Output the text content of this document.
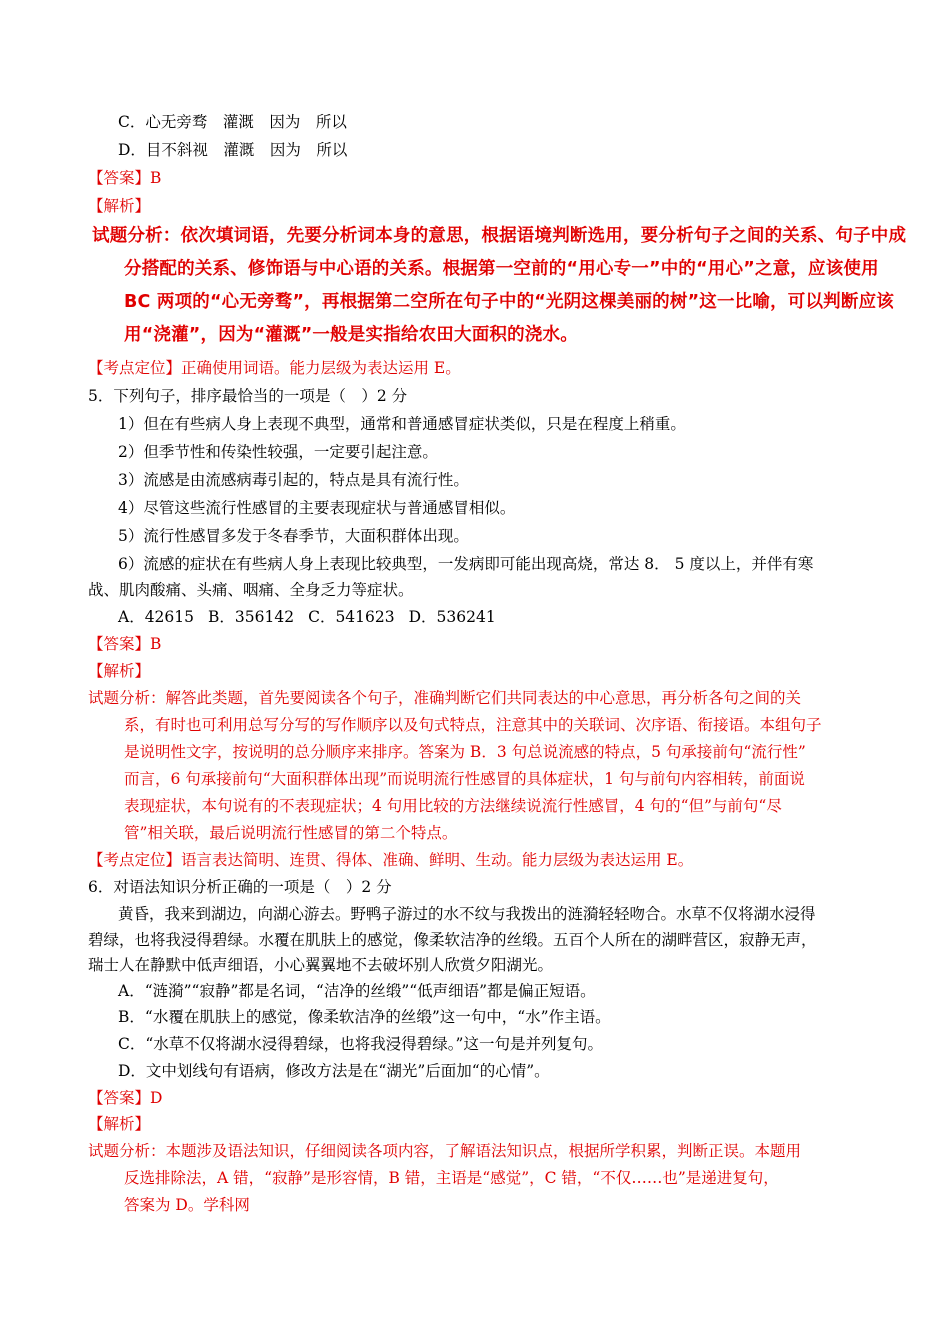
C．心无旁骛　灌溉　因为　所以
D．目不斜视　灌溉　因为　所以
【答案】B
【解析】
试题分析：依次填词语，先要分析词本身的意思，根据语境判断选用，要分析句子之间的关系、句子中成
分搭配的关系、修饰语与中心语的关系。根据第一空前的“用心专一”中的“用心”之意，应该使用
BC 两项的“心无旁骛”，再根据第二空所在句子中的“光阴这棵美丽的树”这一比喻，可以判断应该
用“浇灌”，因为“灌溉”一般是实指给农田大面积的浇水。
【考点定位】正确使用词语。能力层级为表达运用 E。
5．下列句子，排序最恰当的一项是（　）2 分
1）但在有些病人身上表现不典型，通常和普通感冒症状类似，只是在程度上稍重。
2）但季节性和传染性较强，一定要引起注意。
3）流感是由流感病毒引起的，特点是具有流行性。
4）尽管这些流行性感冒的主要表现症状与普通感冒相似。
5）流行性感冒多发于冬春季节，大面积群体出现。
6）流感的症状在有些病人身上表现比较典型，一发病即可能出现高烧，常达 8． 5 度以上，并伴有寒
战、肌肉酸痛、头痛、咽痛、全身乏力等症状。
A．42615 B．356142 C．541623 D．536241
【答案】B
【解析】
试题分析：解答此类题，首先要阅读各个句子，准确判断它们共同表达的中心意思，再分析各句之间的关
系，有时也可利用总写分写的写作顺序以及句式特点，注意其中的关联词、次序语、衔接语。本组句子
是说明性文字，按说明的总分顺序来排序。答案为 B．3 句总说流感的特点，5 句承接前句“流行性”
而言，6 句承接前句“大面积群体出现”而说明流行性感冒的具体症状，1 句与前句内容相转，前面说
表现症状，本句说有的不表现症状；4 句用比较的方法继续说流行性感冒，4 句的“但”与前句“尽
管”相关联，最后说明流行性感冒的第二个特点。
【考点定位】语言表达简明、连贯、得体、准确、鲜明、生动。能力层级为表达运用 E。
6．对语法知识分析正确的一项是（　）2 分
黄昏，我来到湖边，向湖心游去。野鸭子游过的水不纹与我拨出的涟漪轻轻吻合。水草不仅将湖水浸得
碧绿，也将我浸得碧绿。水覆在肌肤上的感觉，像柔软洁净的丝缎。五百个人所在的湖畔营区，寂静无声，
瑞士人在静默中低声细语，小心翼翼地不去破坏别人欣赏夕阳湖光。
A．“涟漪”“寂静”都是名词，“洁净的丝缎”“低声细语”都是偏正短语。
B．“水覆在肌肤上的感觉，像柔软洁净的丝缎”这一句中，“水”作主语。
C．“水草不仅将湖水浸得碧绿，也将我浸得碧绿。”这一句是并列复句。
D．文中划线句有语病，修改方法是在“湖光”后面加“的心情”。
【答案】D
【解析】
试题分析：本题涉及语法知识，仔细阅读各项内容，了解语法知识点，根据所学积累，判断正误。本题用
反选排除法，A 错，“寂静”是形容情，B 错，主语是“感觉”，C 错，“不仅……也”是递进复句，
答案为 D。学科网
